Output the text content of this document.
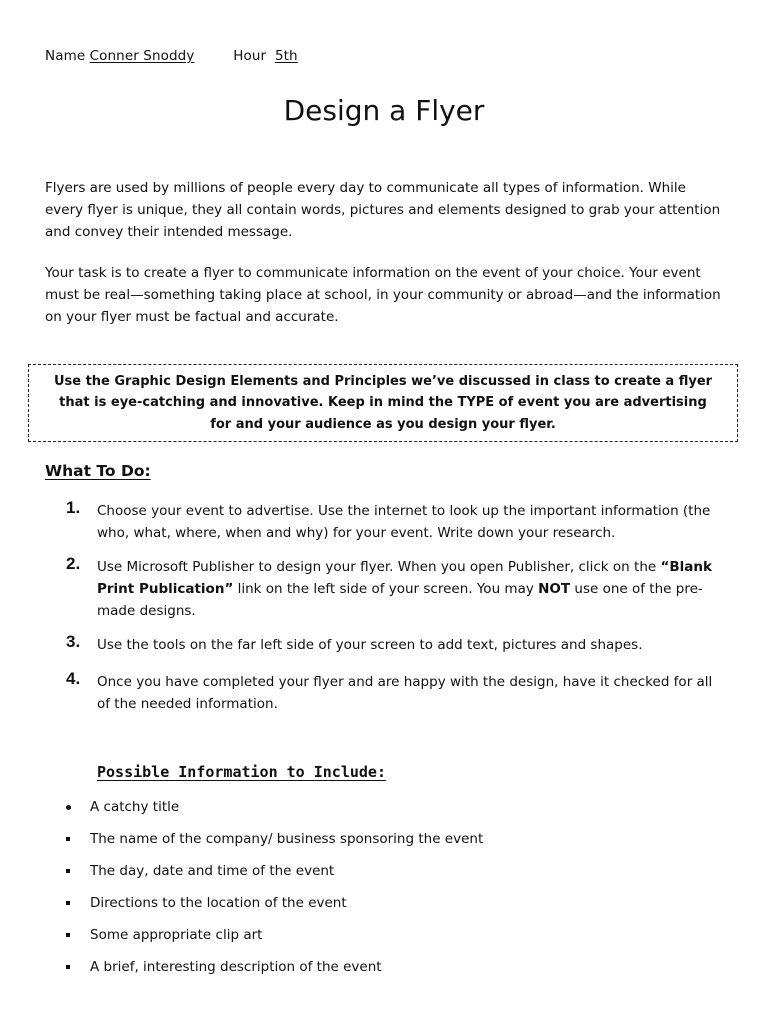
Name Conner Snoddy	Hour 5th
Design a Flyer

Flyers are used by millions of people every day to communicate all types of information. While every flyer is unique, they all contain words, pictures and elements designed to grab your attention and convey their intended message.

Your task is to create a flyer to communicate information on the event of your choice. Your event must be real—something taking place at school, in your community or abroad—and the information on your flyer must be factual and accurate.

Use the Graphic Design Elements and Principles we’ve discussed in class to create a flyer that is eye-catching and innovative. Keep in mind the TYPE of event you are advertising for and your audience as you design your flyer.

What To Do:
1. Choose your event to advertise. Use the internet to look up the important information (the who, what, where, when and why) for your event. Write down your research.

2. Use Microsoft Publisher to design your flyer. When you open Publisher, click on the “Blank Print Publication” link on the left side of your screen. You may NOT use one of the pre-made designs.

3. Use the tools on the far left side of your screen to add text, pictures and shapes.

4. Once you have completed your flyer and are happy with the design, have it checked for all of the needed information.

Possible Information to Include:
A catchy title
The name of the company/ business sponsoring the event
The day, date and time of the event
Directions to the location of the event
Some appropriate clip art
A brief, interesting description of the event
